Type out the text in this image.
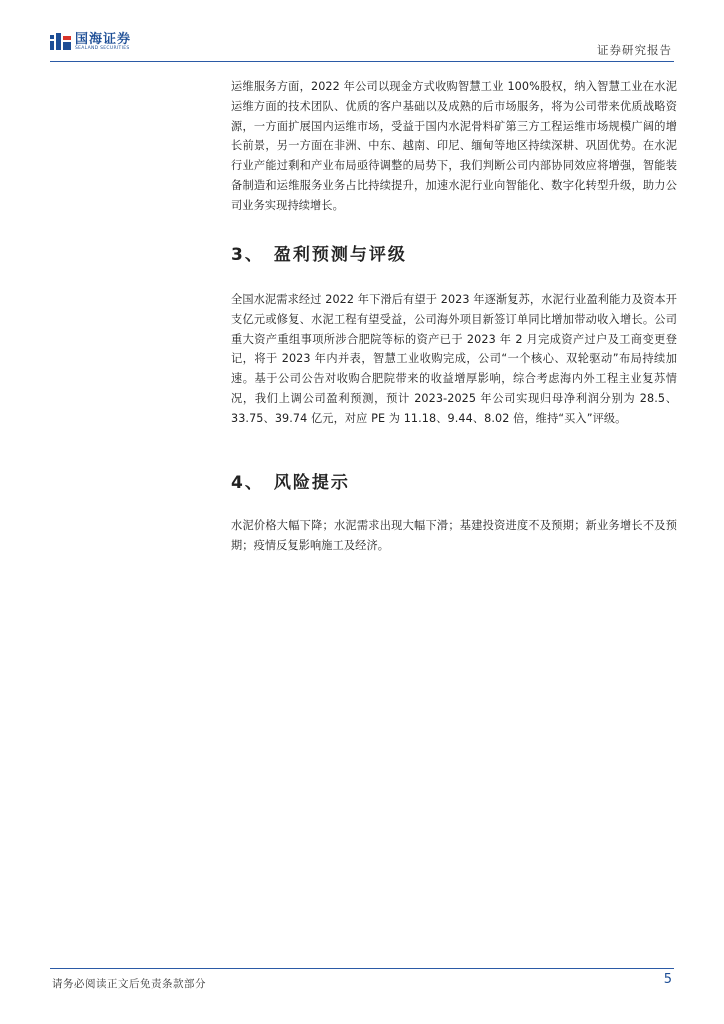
国海证券
SEALAND SECURITIES	证券研究报告
运维服务方面，2022 年公司以现金方式收购智慧工业 100%股权，纳入智慧工业在水泥运维方面的技术团队、优质的客户基础以及成熟的后市场服务，将为公司带来优质战略资源，一方面扩展国内运维市场，受益于国内水泥骨料矿第三方工程运维市场规模广阔的增长前景，另一方面在非洲、中东、越南、印尼、缅甸等地区持续深耕、巩固优势。在水泥行业产能过剩和产业布局亟待调整的局势下，我们判断公司内部协同效应将增强，智能装备制造和运维服务业务占比持续提升，加速水泥行业向智能化、数字化转型升级，助力公司业务实现持续增长。
3、 盈利预测与评级
全国水泥需求经过 2022 年下滑后有望于 2023 年逐渐复苏，水泥行业盈利能力及资本开支亿元或修复、水泥工程有望受益，公司海外项目新签订单同比增加带动收入增长。公司重大资产重组事项所涉合肥院等标的资产已于 2023 年 2 月完成资产过户及工商变更登记，将于 2023 年内并表，智慧工业收购完成，公司“一个核心、双轮驱动”布局持续加速。基于公司公告对收购合肥院带来的收益增厚影响，综合考虑海内外工程主业复苏情况，我们上调公司盈利预测，预计 2023-2025 年公司实现归母净利润分别为 28.5、33.75、39.74 亿元，对应 PE 为 11.18、9.44、8.02 倍，维持“买入”评级。
4、 风险提示
水泥价格大幅下降；水泥需求出现大幅下滑；基建投资进度不及预期；新业务增长不及预期；疫情反复影响施工及经济。
请务必阅读正文后免责条款部分	5
